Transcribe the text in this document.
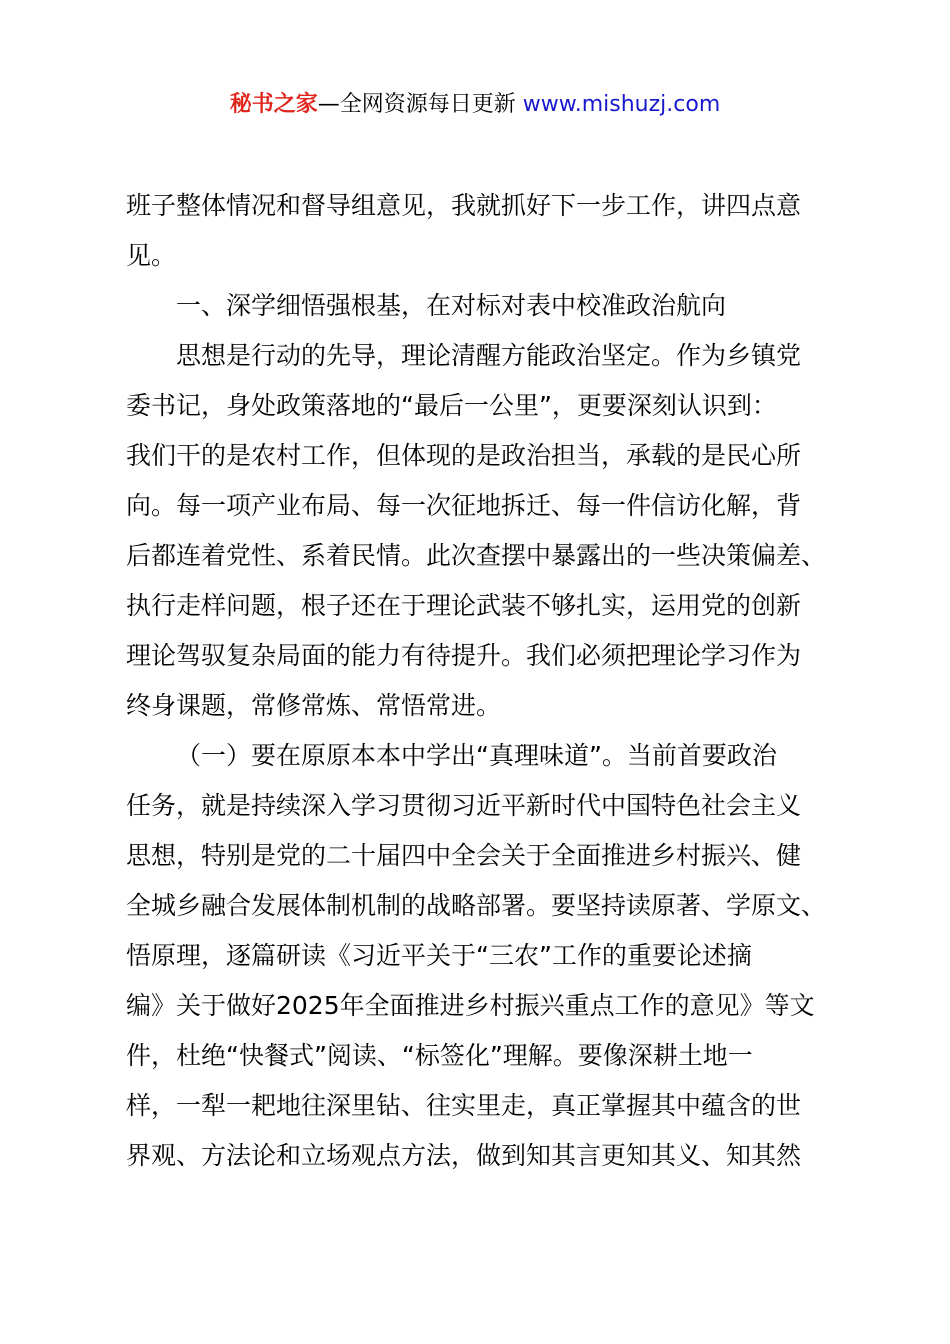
秘书之家—全网资源每日更新 www.mishuzj.com
班子整体情况和督导组意见，我就抓好下一步工作，讲四点意
见。
一、深学细悟强根基，在对标对表中校准政治航向
思想是行动的先导，理论清醒方能政治坚定。作为乡镇党
委书记，身处政策落地的“最后一公里”，更要深刻认识到：
我们干的是农村工作，但体现的是政治担当，承载的是民心所
向。每一项产业布局、每一次征地拆迁、每一件信访化解，背
后都连着党性、系着民情。此次查摆中暴露出的一些决策偏差、
执行走样问题，根子还在于理论武装不够扎实，运用党的创新
理论驾驭复杂局面的能力有待提升。我们必须把理论学习作为
终身课题，常修常炼、常悟常进。
（一）要在原原本本中学出“真理味道”。当前首要政治
任务，就是持续深入学习贯彻习近平新时代中国特色社会主义
思想，特别是党的二十届四中全会关于全面推进乡村振兴、健
全城乡融合发展体制机制的战略部署。要坚持读原著、学原文、
悟原理，逐篇研读《习近平关于“三农”工作的重要论述摘
编》关于做好2025年全面推进乡村振兴重点工作的意见》等文
件，杜绝“快餐式”阅读、“标签化”理解。要像深耕土地一
样，一犁一耙地往深里钻、往实里走，真正掌握其中蕴含的世
界观、方法论和立场观点方法，做到知其言更知其义、知其然
